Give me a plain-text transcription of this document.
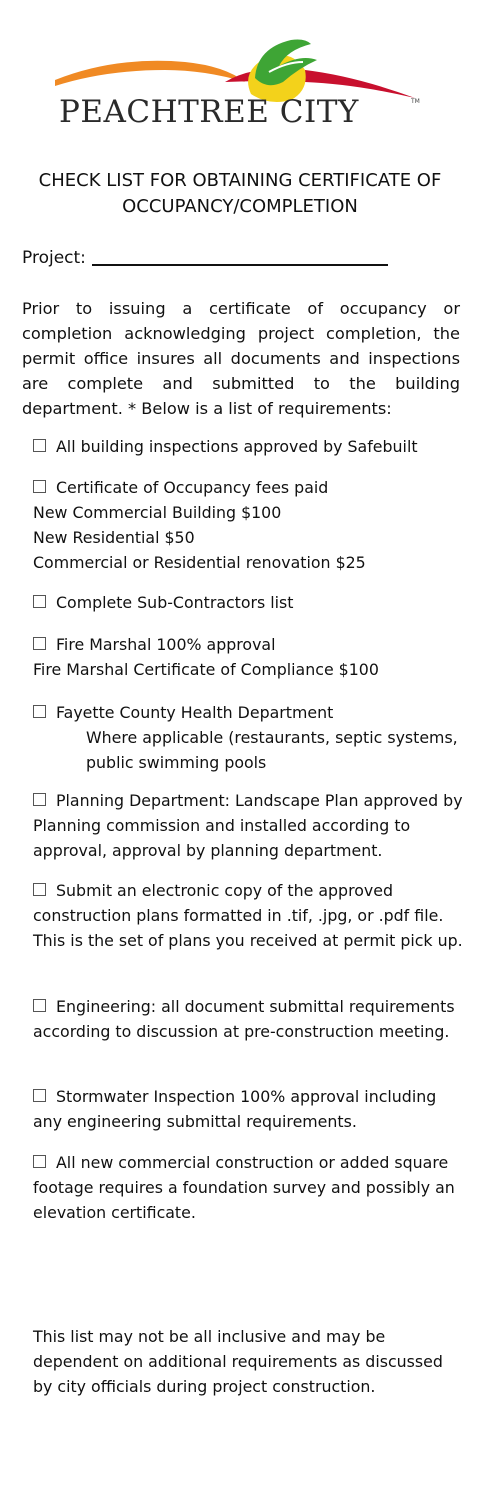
PEACHTREE CITY	TM
CHECK LIST FOR OBTAINING CERTIFICATE OF OCCUPANCY/COMPLETION
Project:
Prior to issuing a certificate of occupancy or completion acknowledging project completion, the permit office insures all documents and inspections are complete and submitted to the building department. * Below is a list of requirements:
All building inspections approved by Safebuilt
Certificate of Occupancy fees paid
New Commercial Building $100
New Residential $50
Commercial or Residential renovation $25
Complete Sub-Contractors list
Fire Marshal 100% approval
Fire Marshal Certificate of Compliance $100
Fayette County Health Department
Where applicable (restaurants, septic systems, public swimming pools
Planning Department: Landscape Plan approved by Planning commission and installed according to approval, approval by planning department.
Submit an electronic copy of the approved construction plans formatted in .tif, .jpg, or .pdf file. This is the set of plans you received at permit pick up.
Engineering: all document submittal requirements according to discussion at pre-construction meeting.
Stormwater Inspection 100% approval including any engineering submittal requirements.
All new commercial construction or added square footage requires a foundation survey and possibly an elevation certificate.
This list may not be all inclusive and may be dependent on additional requirements as discussed by city officials during project construction.
